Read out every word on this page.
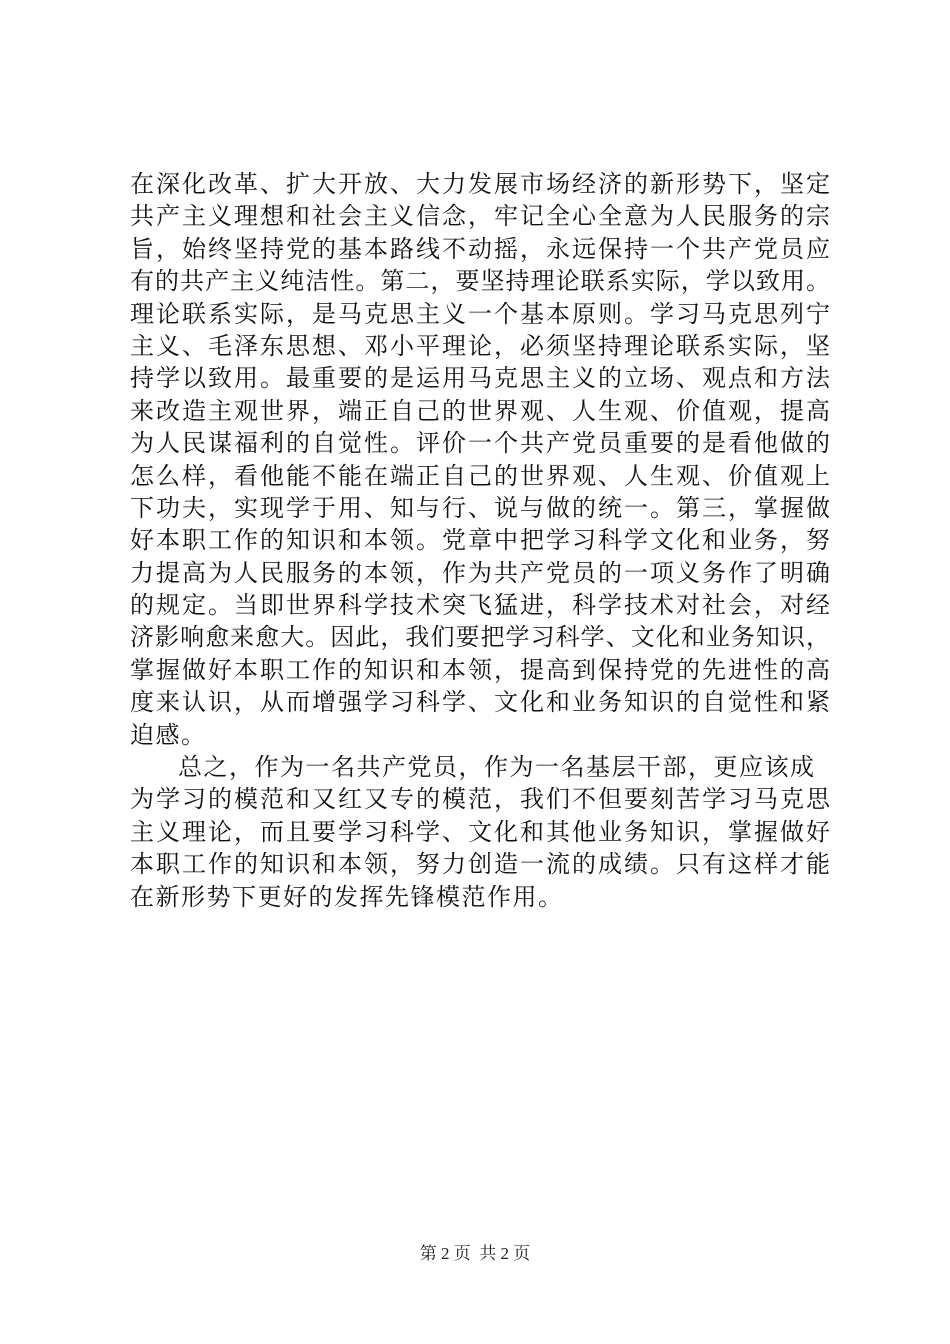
在深化改革、扩大开放、大力发展市场经济的新形势下，坚定
共产主义理想和社会主义信念，牢记全心全意为人民服务的宗
旨，始终坚持党的基本路线不动摇，永远保持一个共产党员应
有的共产主义纯洁性。第二，要坚持理论联系实际，学以致用。
理论联系实际，是马克思主义一个基本原则。学习马克思列宁
主义、毛泽东思想、邓小平理论，必须坚持理论联系实际，坚
持学以致用。最重要的是运用马克思主义的立场、观点和方法
来改造主观世界，端正自己的世界观、人生观、价值观，提高
为人民谋福利的自觉性。评价一个共产党员重要的是看他做的
怎么样，看他能不能在端正自己的世界观、人生观、价值观上
下功夫，实现学于用、知与行、说与做的统一。第三，掌握做
好本职工作的知识和本领。党章中把学习科学文化和业务，努
力提高为人民服务的本领，作为共产党员的一项义务作了明确
的规定。当即世界科学技术突飞猛进，科学技术对社会，对经
济影响愈来愈大。因此，我们要把学习科学、文化和业务知识，
掌握做好本职工作的知识和本领，提高到保持党的先进性的高
度来认识，从而增强学习科学、文化和业务知识的自觉性和紧
迫感。
总之，作为一名共产党员，作为一名基层干部，更应该成
为学习的模范和又红又专的模范，我们不但要刻苦学习马克思
主义理论，而且要学习科学、文化和其他业务知识，掌握做好
本职工作的知识和本领，努力创造一流的成绩。只有这样才能
在新形势下更好的发挥先锋模范作用。
第 2 页  共 2 页
